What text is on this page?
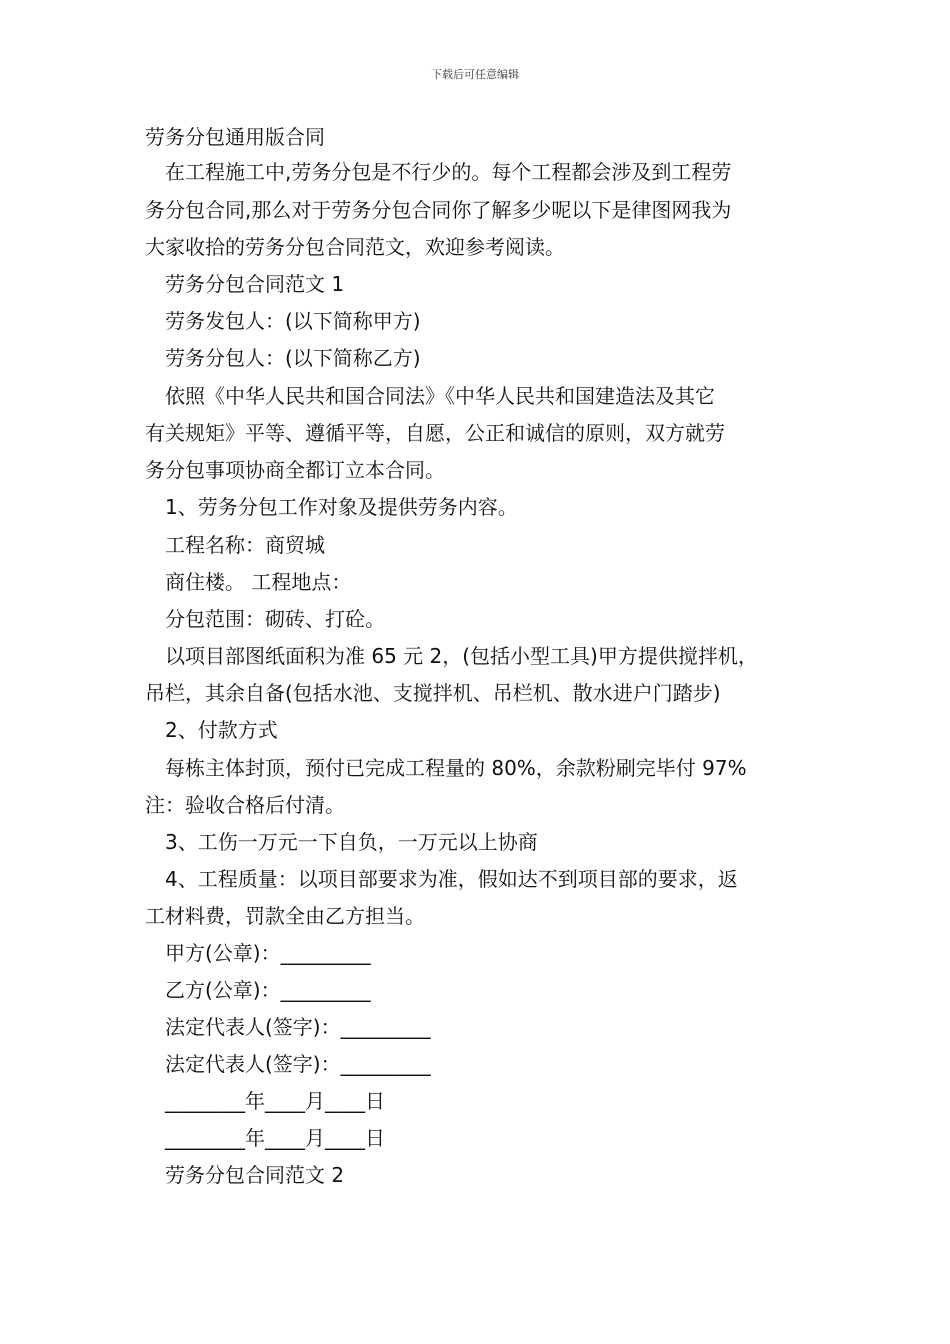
下载后可任意编辑
劳务分包通用版合同
在工程施工中,劳务分包是不行少的。每个工程都会涉及到工程劳
务分包合同,那么对于劳务分包合同你了解多少呢以下是律图网我为
大家收拾的劳务分包合同范文，欢迎参考阅读。
劳务分包合同范文 1
劳务发包人：(以下简称甲方)
劳务分包人：(以下简称乙方)
依照《中华人民共和国合同法》《中华人民共和国建造法及其它
有关规矩》平等、遵循平等，自愿，公正和诚信的原则，双方就劳
务分包事项协商全都订立本合同。
1、劳务分包工作对象及提供劳务内容。
工程名称：商贸城
商住楼。 工程地点：
分包范围：砌砖、打砼。
以项目部图纸面积为准 65 元 2，(包括小型工具)甲方提供搅拌机，
吊栏，其余自备(包括水池、支搅拌机、吊栏机、散水进户门踏步)
2、付款方式
每栋主体封顶，预付已完成工程量的 80%，余款粉刷完毕付 97%
注：验收合格后付清。
3、工伤一万元一下自负，一万元以上协商
4、工程质量：以项目部要求为准，假如达不到项目部的要求，返
工材料费，罚款全由乙方担当。
甲方(公章)：_________
乙方(公章)：_________
法定代表人(签字)：_________
法定代表人(签字)：_________
________年____月____日
________年____月____日
劳务分包合同范文 2
